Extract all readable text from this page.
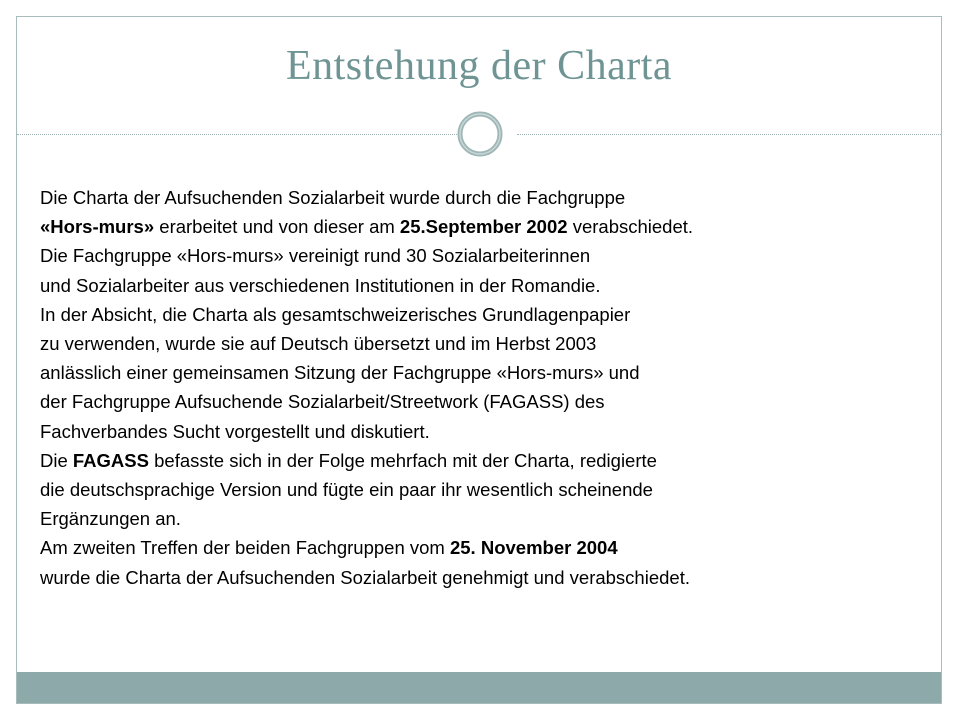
Entstehung der Charta

Die Charta der Aufsuchenden Sozialarbeit wurde durch die Fachgruppe

«Hors-murs» erarbeitet und von dieser am 25.September 2002 verabschiedet.

Die Fachgruppe «Hors-murs» vereinigt rund 30 Sozialarbeiterinnen

und Sozialarbeiter aus verschiedenen Institutionen in der Romandie.

In der Absicht, die Charta als gesamtschweizerisches Grundlagenpapier

zu verwenden, wurde sie auf Deutsch übersetzt und im Herbst 2003

anlässlich einer gemeinsamen Sitzung der Fachgruppe «Hors-murs» und

der Fachgruppe Aufsuchende Sozialarbeit/Streetwork (FAGASS) des

Fachverbandes Sucht vorgestellt und diskutiert.

Die FAGASS befasste sich in der Folge mehrfach mit der Charta, redigierte

die deutschsprachige Version und fügte ein paar ihr wesentlich scheinende

Ergänzungen an.

Am zweiten Treffen der beiden Fachgruppen vom 25. November 2004

wurde die Charta der Aufsuchenden Sozialarbeit genehmigt und verabschiedet.
